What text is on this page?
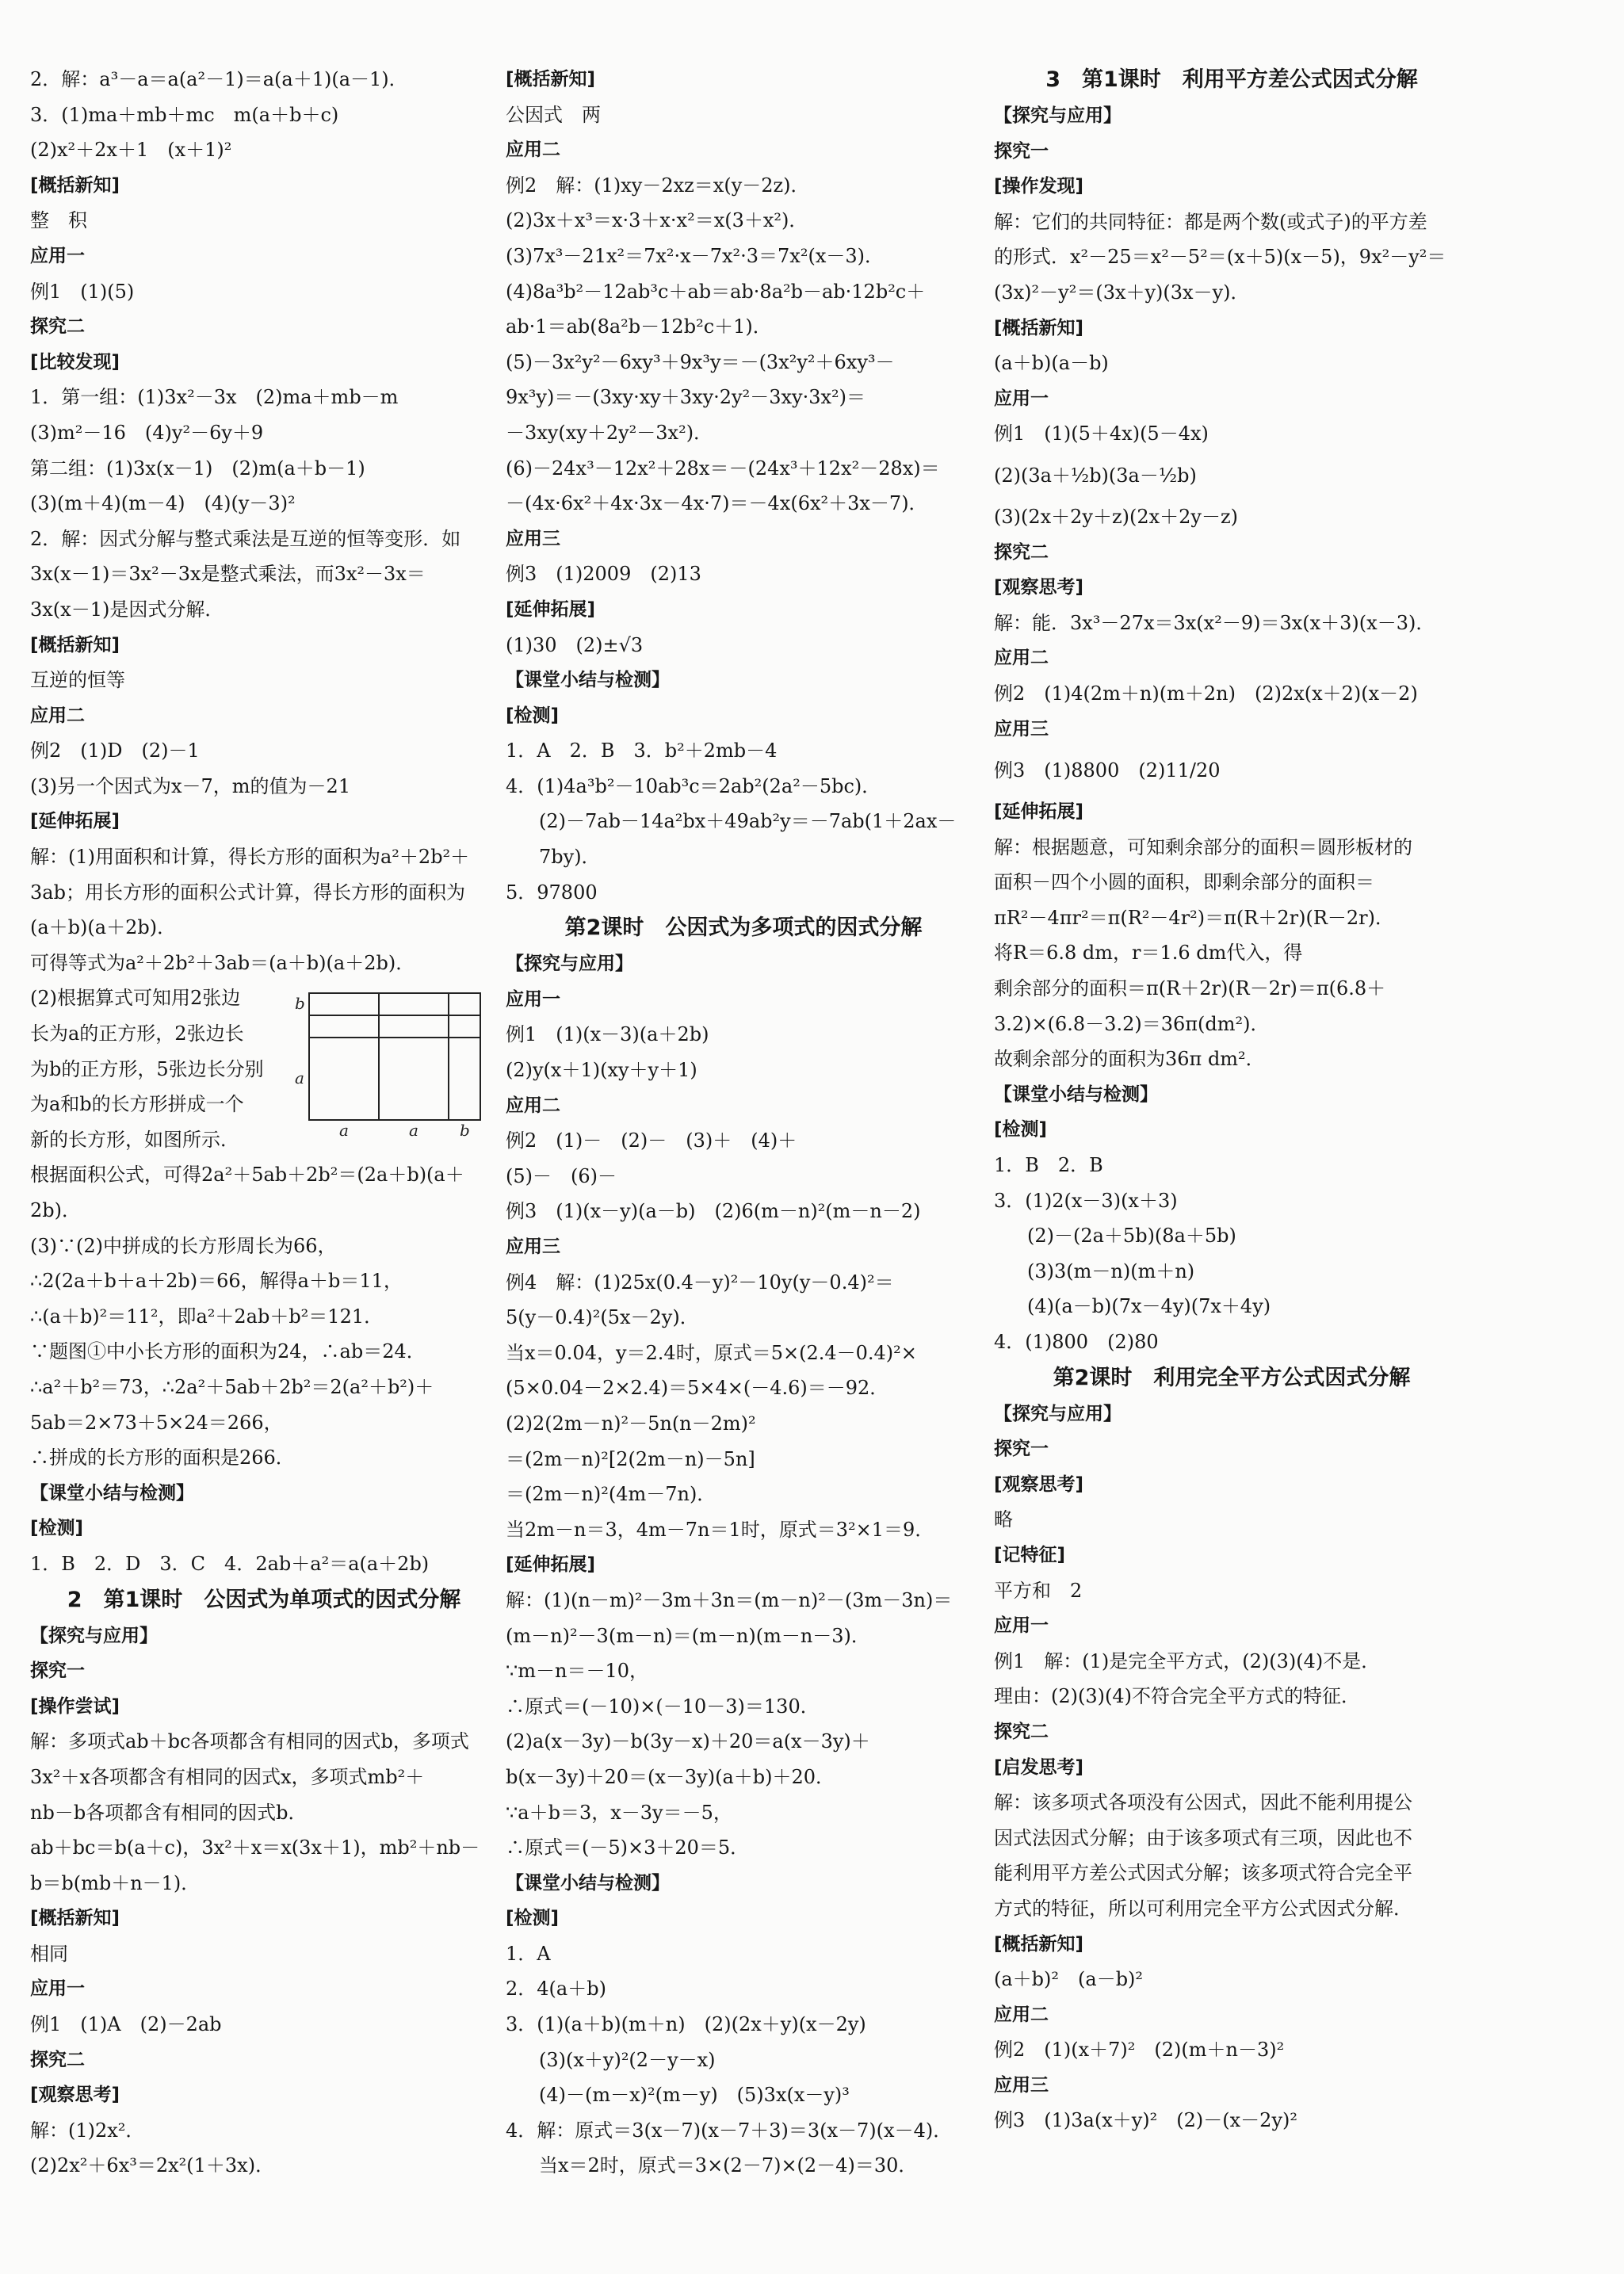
2．解：a³－a＝a(a²－1)＝a(a＋1)(a－1)．
3．(1)ma＋mb＋mc　m(a＋b＋c)
(2)x²＋2x＋1　(x＋1)²
[概括新知]
整　积
应用一
例1　(1)(5)
探究二
[比较发现]
1．第一组：(1)3x²－3x　(2)ma＋mb－m
(3)m²－16　(4)y²－6y＋9
第二组：(1)3x(x－1)　(2)m(a＋b－1)
(3)(m＋4)(m－4)　(4)(y－3)²
2．解：因式分解与整式乘法是互逆的恒等变形．如
3x(x－1)＝3x²－3x是整式乘法，而3x²－3x＝
3x(x－1)是因式分解．
[概括新知]
互逆的恒等
应用二
例2　(1)D　(2)－1
(3)另一个因式为x－7，m的值为－21
[延伸拓展]
解：(1)用面积和计算，得长方形的面积为a²＋2b²＋
3ab；用长方形的面积公式计算，得长方形的面积为
(a＋b)(a＋2b)．
可得等式为a²＋2b²＋3ab＝(a＋b)(a＋2b)．
(2)根据算式可知用2张边
长为a的正方形，2张边长
为b的正方形，5张边长分别
为a和b的长方形拼成一个
新的长方形，如图所示．
b
a
a	a	b
根据面积公式，可得2a²＋5ab＋2b²＝(2a＋b)(a＋
2b)．
(3)∵(2)中拼成的长方形周长为66，
∴2(2a＋b＋a＋2b)＝66，解得a＋b＝11，
∴(a＋b)²＝11²，即a²＋2ab＋b²＝121．
∵题图①中小长方形的面积为24，∴ab＝24．
∴a²＋b²＝73，∴2a²＋5ab＋2b²＝2(a²＋b²)＋
5ab＝2×73＋5×24＝266，
∴拼成的长方形的面积是266．
【课堂小结与检测】
[检测]
1．B　2．D　3．C　4．2ab＋a²＝a(a＋2b)
2　第1课时　公因式为单项式的因式分解
【探究与应用】
探究一
[操作尝试]
解：多项式ab＋bc各项都含有相同的因式b，多项式
3x²＋x各项都含有相同的因式x，多项式mb²＋
nb－b各项都含有相同的因式b．
ab＋bc＝b(a＋c)，3x²＋x＝x(3x＋1)，mb²＋nb－
b＝b(mb＋n－1)．
[概括新知]
相同
应用一
例1　(1)A　(2)－2ab
探究二
[观察思考]
解：(1)2x²．
(2)2x²＋6x³＝2x²(1＋3x)．
[概括新知]
公因式　两
应用二
例2　解：(1)xy－2xz＝x(y－2z)．
(2)3x＋x³＝x·3＋x·x²＝x(3＋x²)．
(3)7x³－21x²＝7x²·x－7x²·3＝7x²(x－3)．
(4)8a³b²－12ab³c＋ab＝ab·8a²b－ab·12b²c＋
ab·1＝ab(8a²b－12b²c＋1)．
(5)－3x²y²－6xy³＋9x³y＝－(3x²y²＋6xy³－
9x³y)＝－(3xy·xy＋3xy·2y²－3xy·3x²)＝
－3xy(xy＋2y²－3x²)．
(6)－24x³－12x²＋28x＝－(24x³＋12x²－28x)＝
－(4x·6x²＋4x·3x－4x·7)＝－4x(6x²＋3x－7)．
应用三
例3　(1)2009　(2)13
[延伸拓展]
(1)30　(2)±√3
【课堂小结与检测】
[检测]
1．A　2．B　3．b²＋2mb－4
4．(1)4a³b²－10ab³c＝2ab²(2a²－5bc)．
(2)－7ab－14a²bx＋49ab²y＝－7ab(1＋2ax－
7by)．
5．97800
第2课时　公因式为多项式的因式分解
【探究与应用】
应用一
例1　(1)(x－3)(a＋2b)
(2)y(x＋1)(xy＋y＋1)
应用二
例2　(1)－　(2)－　(3)＋　(4)＋
(5)－　(6)－
例3　(1)(x－y)(a－b)　(2)6(m－n)²(m－n－2)
应用三
例4　解：(1)25x(0.4－y)²－10y(y－0.4)²＝
5(y－0.4)²(5x－2y)．
当x＝0.04，y＝2.4时，原式＝5×(2.4－0.4)²×
(5×0.04－2×2.4)＝5×4×(－4.6)＝－92．
(2)2(2m－n)²－5n(n－2m)²
＝(2m－n)²[2(2m－n)－5n]
＝(2m－n)²(4m－7n)．
当2m－n＝3，4m－7n＝1时，原式＝3²×1＝9．
[延伸拓展]
解：(1)(n－m)²－3m＋3n＝(m－n)²－(3m－3n)＝
(m－n)²－3(m－n)＝(m－n)(m－n－3)．
∵m－n＝－10，
∴原式＝(－10)×(－10－3)＝130．
(2)a(x－3y)－b(3y－x)＋20＝a(x－3y)＋
b(x－3y)＋20＝(x－3y)(a＋b)＋20．
∵a＋b＝3，x－3y＝－5，
∴原式＝(－5)×3＋20＝5．
【课堂小结与检测】
[检测]
1．A
2．4(a＋b)
3．(1)(a＋b)(m＋n)　(2)(2x＋y)(x－2y)
(3)(x＋y)²(2－y－x)
(4)－(m－x)²(m－y)　(5)3x(x－y)³
4．解：原式＝3(x－7)(x－7＋3)＝3(x－7)(x－4)．
当x＝2时，原式＝3×(2－7)×(2－4)＝30．
3　第1课时　利用平方差公式因式分解
【探究与应用】
探究一
[操作发现]
解：它们的共同特征：都是两个数(或式子)的平方差
的形式．x²－25＝x²－5²＝(x＋5)(x－5)，9x²－y²＝
(3x)²－y²＝(3x＋y)(3x－y)．
[概括新知]
(a＋b)(a－b)
应用一
例1　(1)(5＋4x)(5－4x)
(2)(3a＋½b)(3a－½b)
(3)(2x＋2y＋z)(2x＋2y－z)
探究二
[观察思考]
解：能．3x³－27x＝3x(x²－9)＝3x(x＋3)(x－3)．
应用二
例2　(1)4(2m＋n)(m＋2n)　(2)2x(x＋2)(x－2)
应用三
例3　(1)8800　(2)11/20
[延伸拓展]
解：根据题意，可知剩余部分的面积＝圆形板材的
面积－四个小圆的面积，即剩余部分的面积＝
πR²－4πr²＝π(R²－4r²)＝π(R＋2r)(R－2r)．
将R＝6.8 dm，r＝1.6 dm代入，得
剩余部分的面积＝π(R＋2r)(R－2r)＝π(6.8＋
3.2)×(6.8－3.2)＝36π(dm²)．
故剩余部分的面积为36π dm²．
【课堂小结与检测】
[检测]
1．B　2．B
3．(1)2(x－3)(x＋3)
(2)－(2a＋5b)(8a＋5b)
(3)3(m－n)(m＋n)
(4)(a－b)(7x－4y)(7x＋4y)
4．(1)800　(2)80
第2课时　利用完全平方公式因式分解
【探究与应用】
探究一
[观察思考]
略
[记特征]
平方和　2
应用一
例1　解：(1)是完全平方式，(2)(3)(4)不是．
理由：(2)(3)(4)不符合完全平方式的特征．
探究二
[启发思考]
解：该多项式各项没有公因式，因此不能利用提公
因式法因式分解；由于该多项式有三项，因此也不
能利用平方差公式因式分解；该多项式符合完全平
方式的特征，所以可利用完全平方公式因式分解．
[概括新知]
(a＋b)²　(a－b)²
应用二
例2　(1)(x＋7)²　(2)(m＋n－3)²
应用三
例3　(1)3a(x＋y)²　(2)－(x－2y)²
